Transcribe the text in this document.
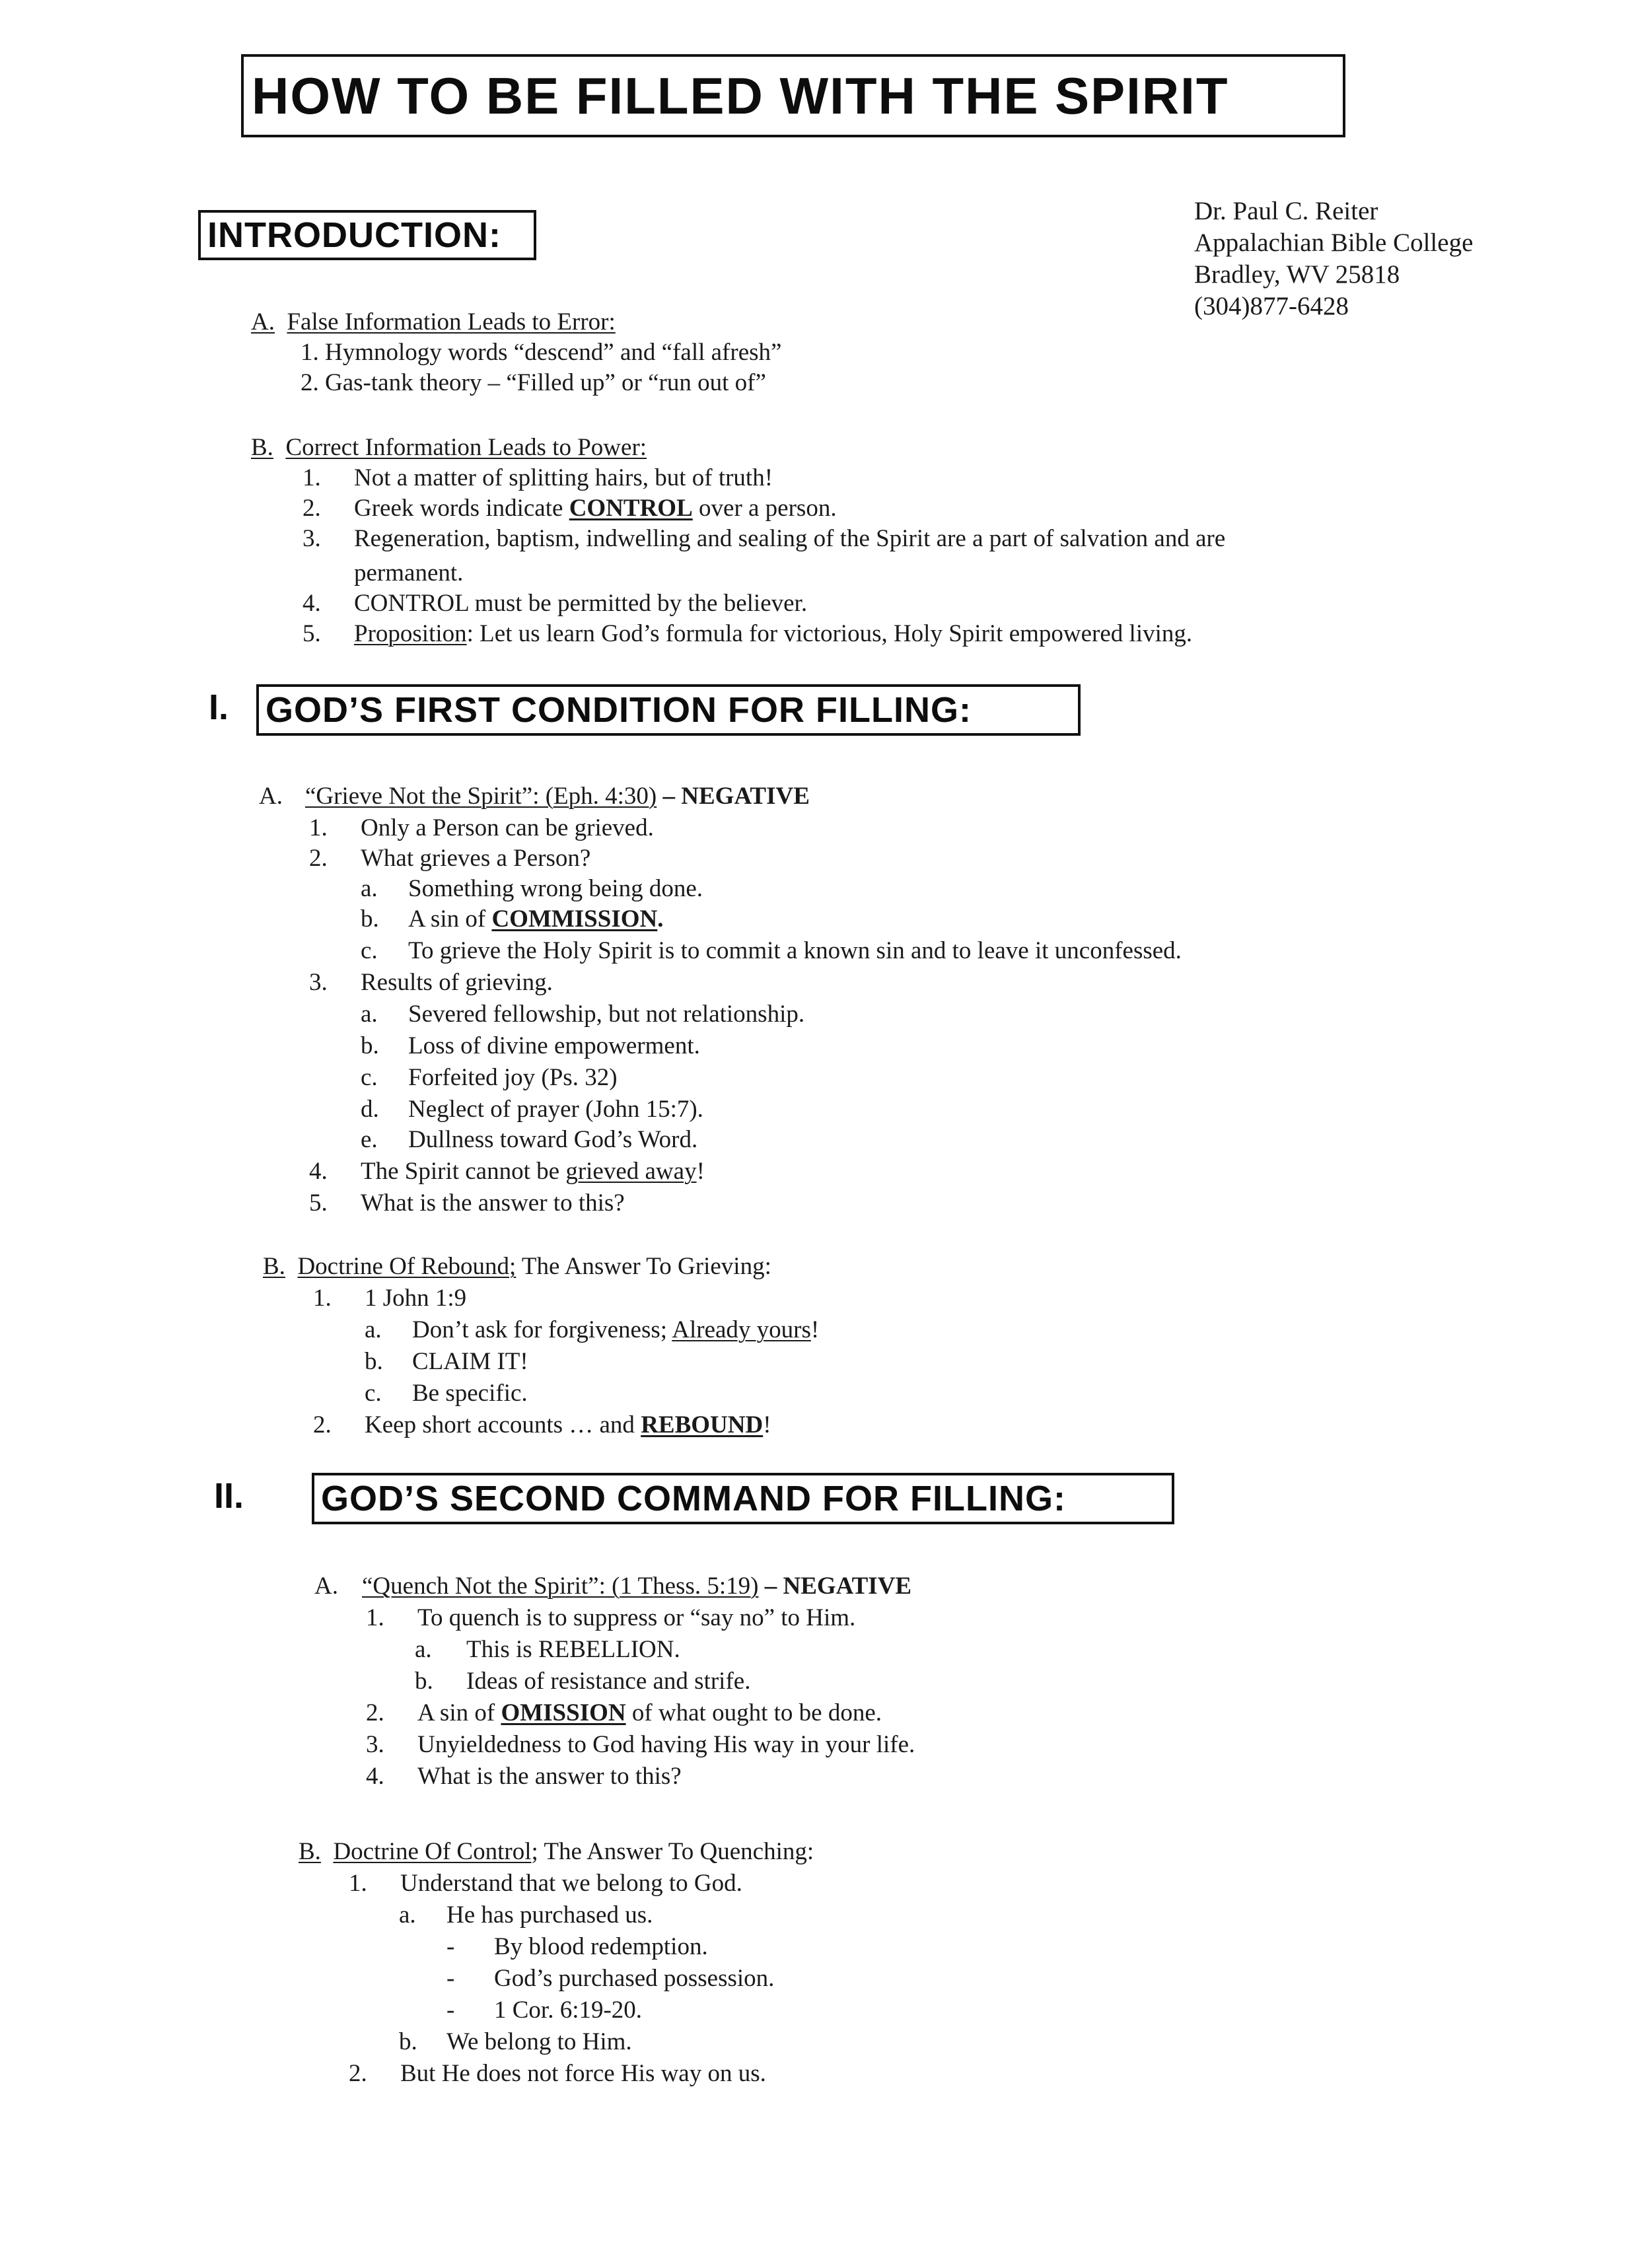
HOW TO BE FILLED WITH THE SPIRIT
INTRODUCTION:
Dr. Paul C. Reiter
Appalachian Bible College
Bradley, WV 25818
(304)877-6428
A. False Information Leads to Error:
1. Hymnology words “descend” and “fall afresh”
2. Gas-tank theory – “Filled up” or “run out of”
B. Correct Information Leads to Power:
1. Not a matter of splitting hairs, but of truth!
2. Greek words indicate CONTROL over a person.
3. Regeneration, baptism, indwelling and sealing of the Spirit are a part of salvation and are
permanent.
4. CONTROL must be permitted by the believer.
5. Proposition: Let us learn God’s formula for victorious, Holy Spirit empowered living.
I. GOD’S FIRST CONDITION FOR FILLING:
A. “Grieve Not the Spirit”: (Eph. 4:30) – NEGATIVE
1. Only a Person can be grieved.
2. What grieves a Person?
a. Something wrong being done.
b. A sin of COMMISSION.
c. To grieve the Holy Spirit is to commit a known sin and to leave it unconfessed.
3. Results of grieving.
a. Severed fellowship, but not relationship.
b. Loss of divine empowerment.
c. Forfeited joy (Ps. 32)
d. Neglect of prayer (John 15:7).
e. Dullness toward God’s Word.
4. The Spirit cannot be grieved away!
5. What is the answer to this?
B. Doctrine Of Rebound; The Answer To Grieving:
1. 1 John 1:9
a. Don’t ask for forgiveness; Already yours!
b. CLAIM IT!
c. Be specific.
2. Keep short accounts … and REBOUND!
II. GOD’S SECOND COMMAND FOR FILLING:
A. “Quench Not the Spirit”: (1 Thess. 5:19) – NEGATIVE
1. To quench is to suppress or “say no” to Him.
a. This is REBELLION.
b. Ideas of resistance and strife.
2. A sin of OMISSION of what ought to be done.
3. Unyieldedness to God having His way in your life.
4. What is the answer to this?
B. Doctrine Of Control; The Answer To Quenching:
1. Understand that we belong to God.
a. He has purchased us.
- By blood redemption.
- God’s purchased possession.
- 1 Cor. 6:19-20.
b. We belong to Him.
2. But He does not force His way on us.
